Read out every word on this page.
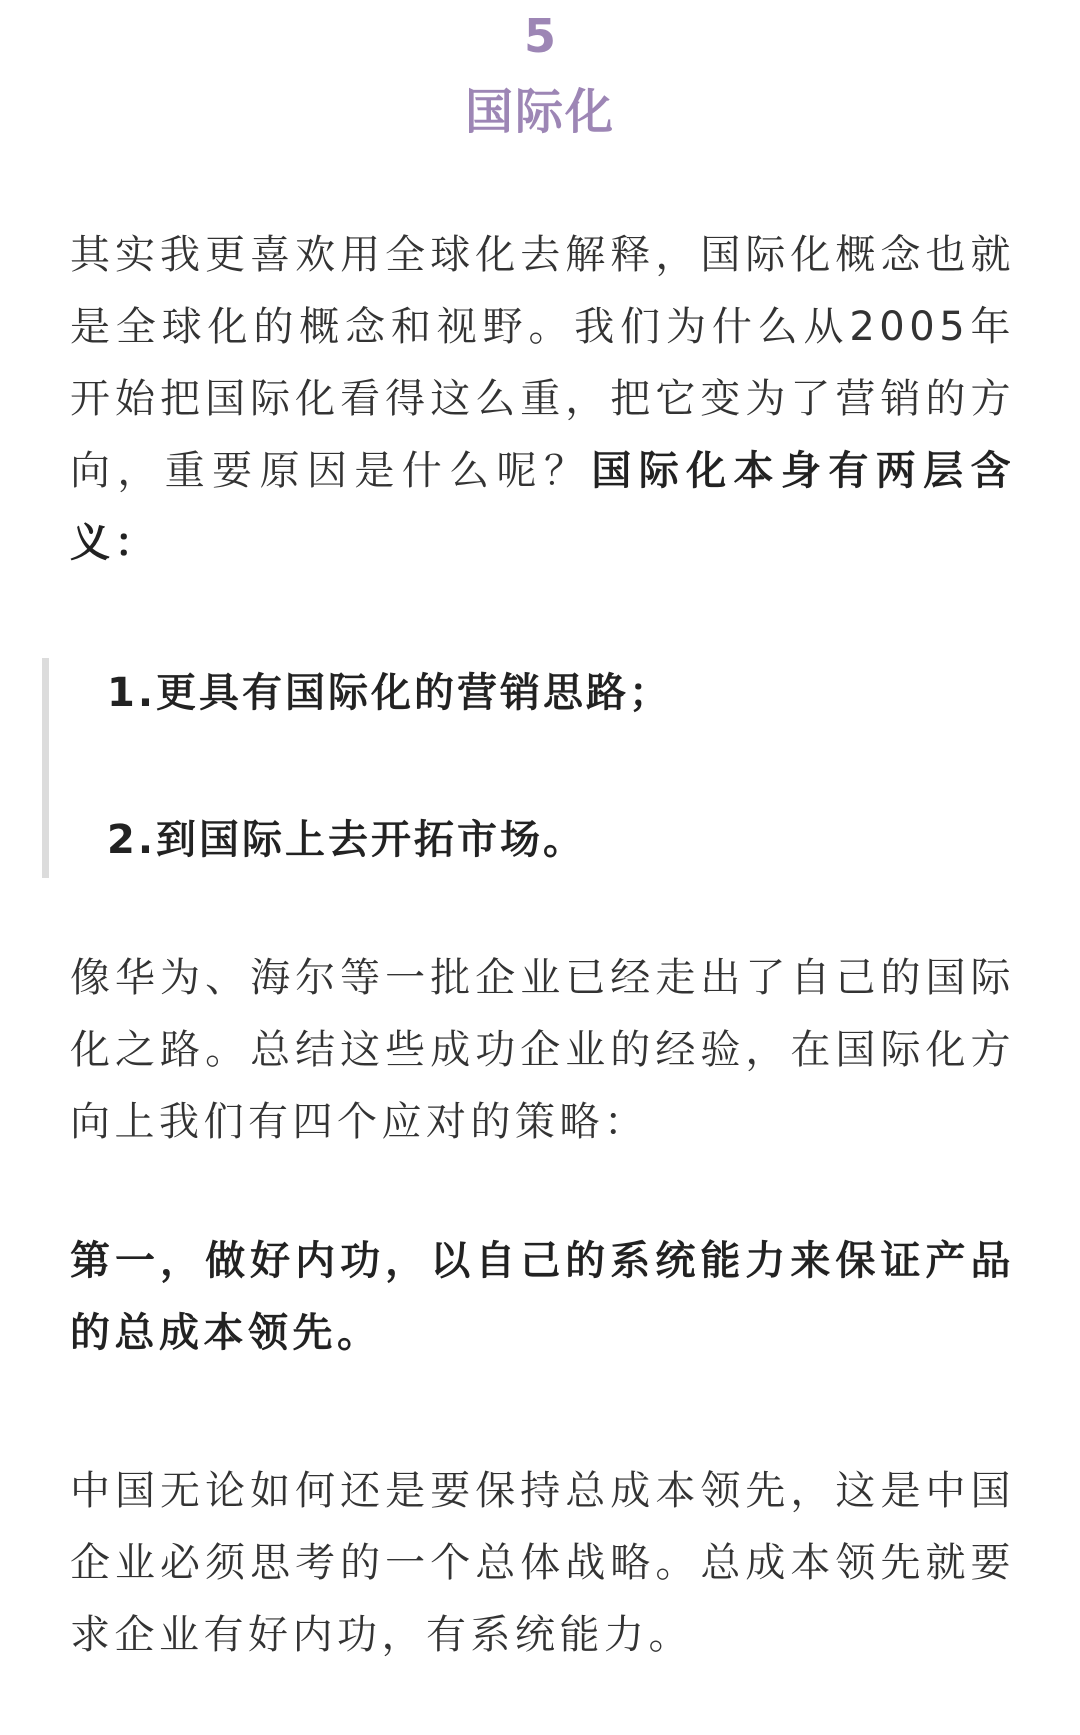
5
国际化

其实我更喜欢用全球化去解释，国际化概念也就是全球化的概念和视野。我们为什么从2005年开始把国际化看得这么重，把它变为了营销的方向，重要原因是什么呢？国际化本身有两层含义：

1.更具有国际化的营销思路；

2.到国际上去开拓市场。

像华为、海尔等一批企业已经走出了自己的国际化之路。总结这些成功企业的经验，在国际化方向上我们有四个应对的策略：

第一，做好内功，以自己的系统能力来保证产品的总成本领先。

中国无论如何还是要保持总成本领先，这是中国企业必须思考的一个总体战略。总成本领先就要求企业有好内功，有系统能力。
